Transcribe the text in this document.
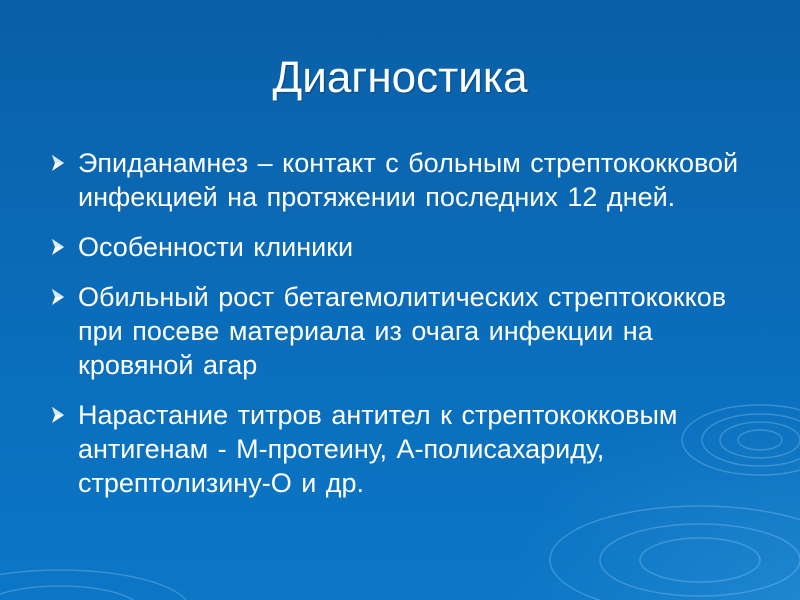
Диагностика
Эпиданамнез – контакт с больным стрептококковой инфекцией на протяжении последних 12 дней.
Особенности клиники
Обильный рост бетагемолитических стрептококков при посеве материала из очага инфекции на кровяной агар
Нарастание титров антител к стрептококковым антигенам - М-протеину, А-полисахариду, стрептолизину-О и др.
